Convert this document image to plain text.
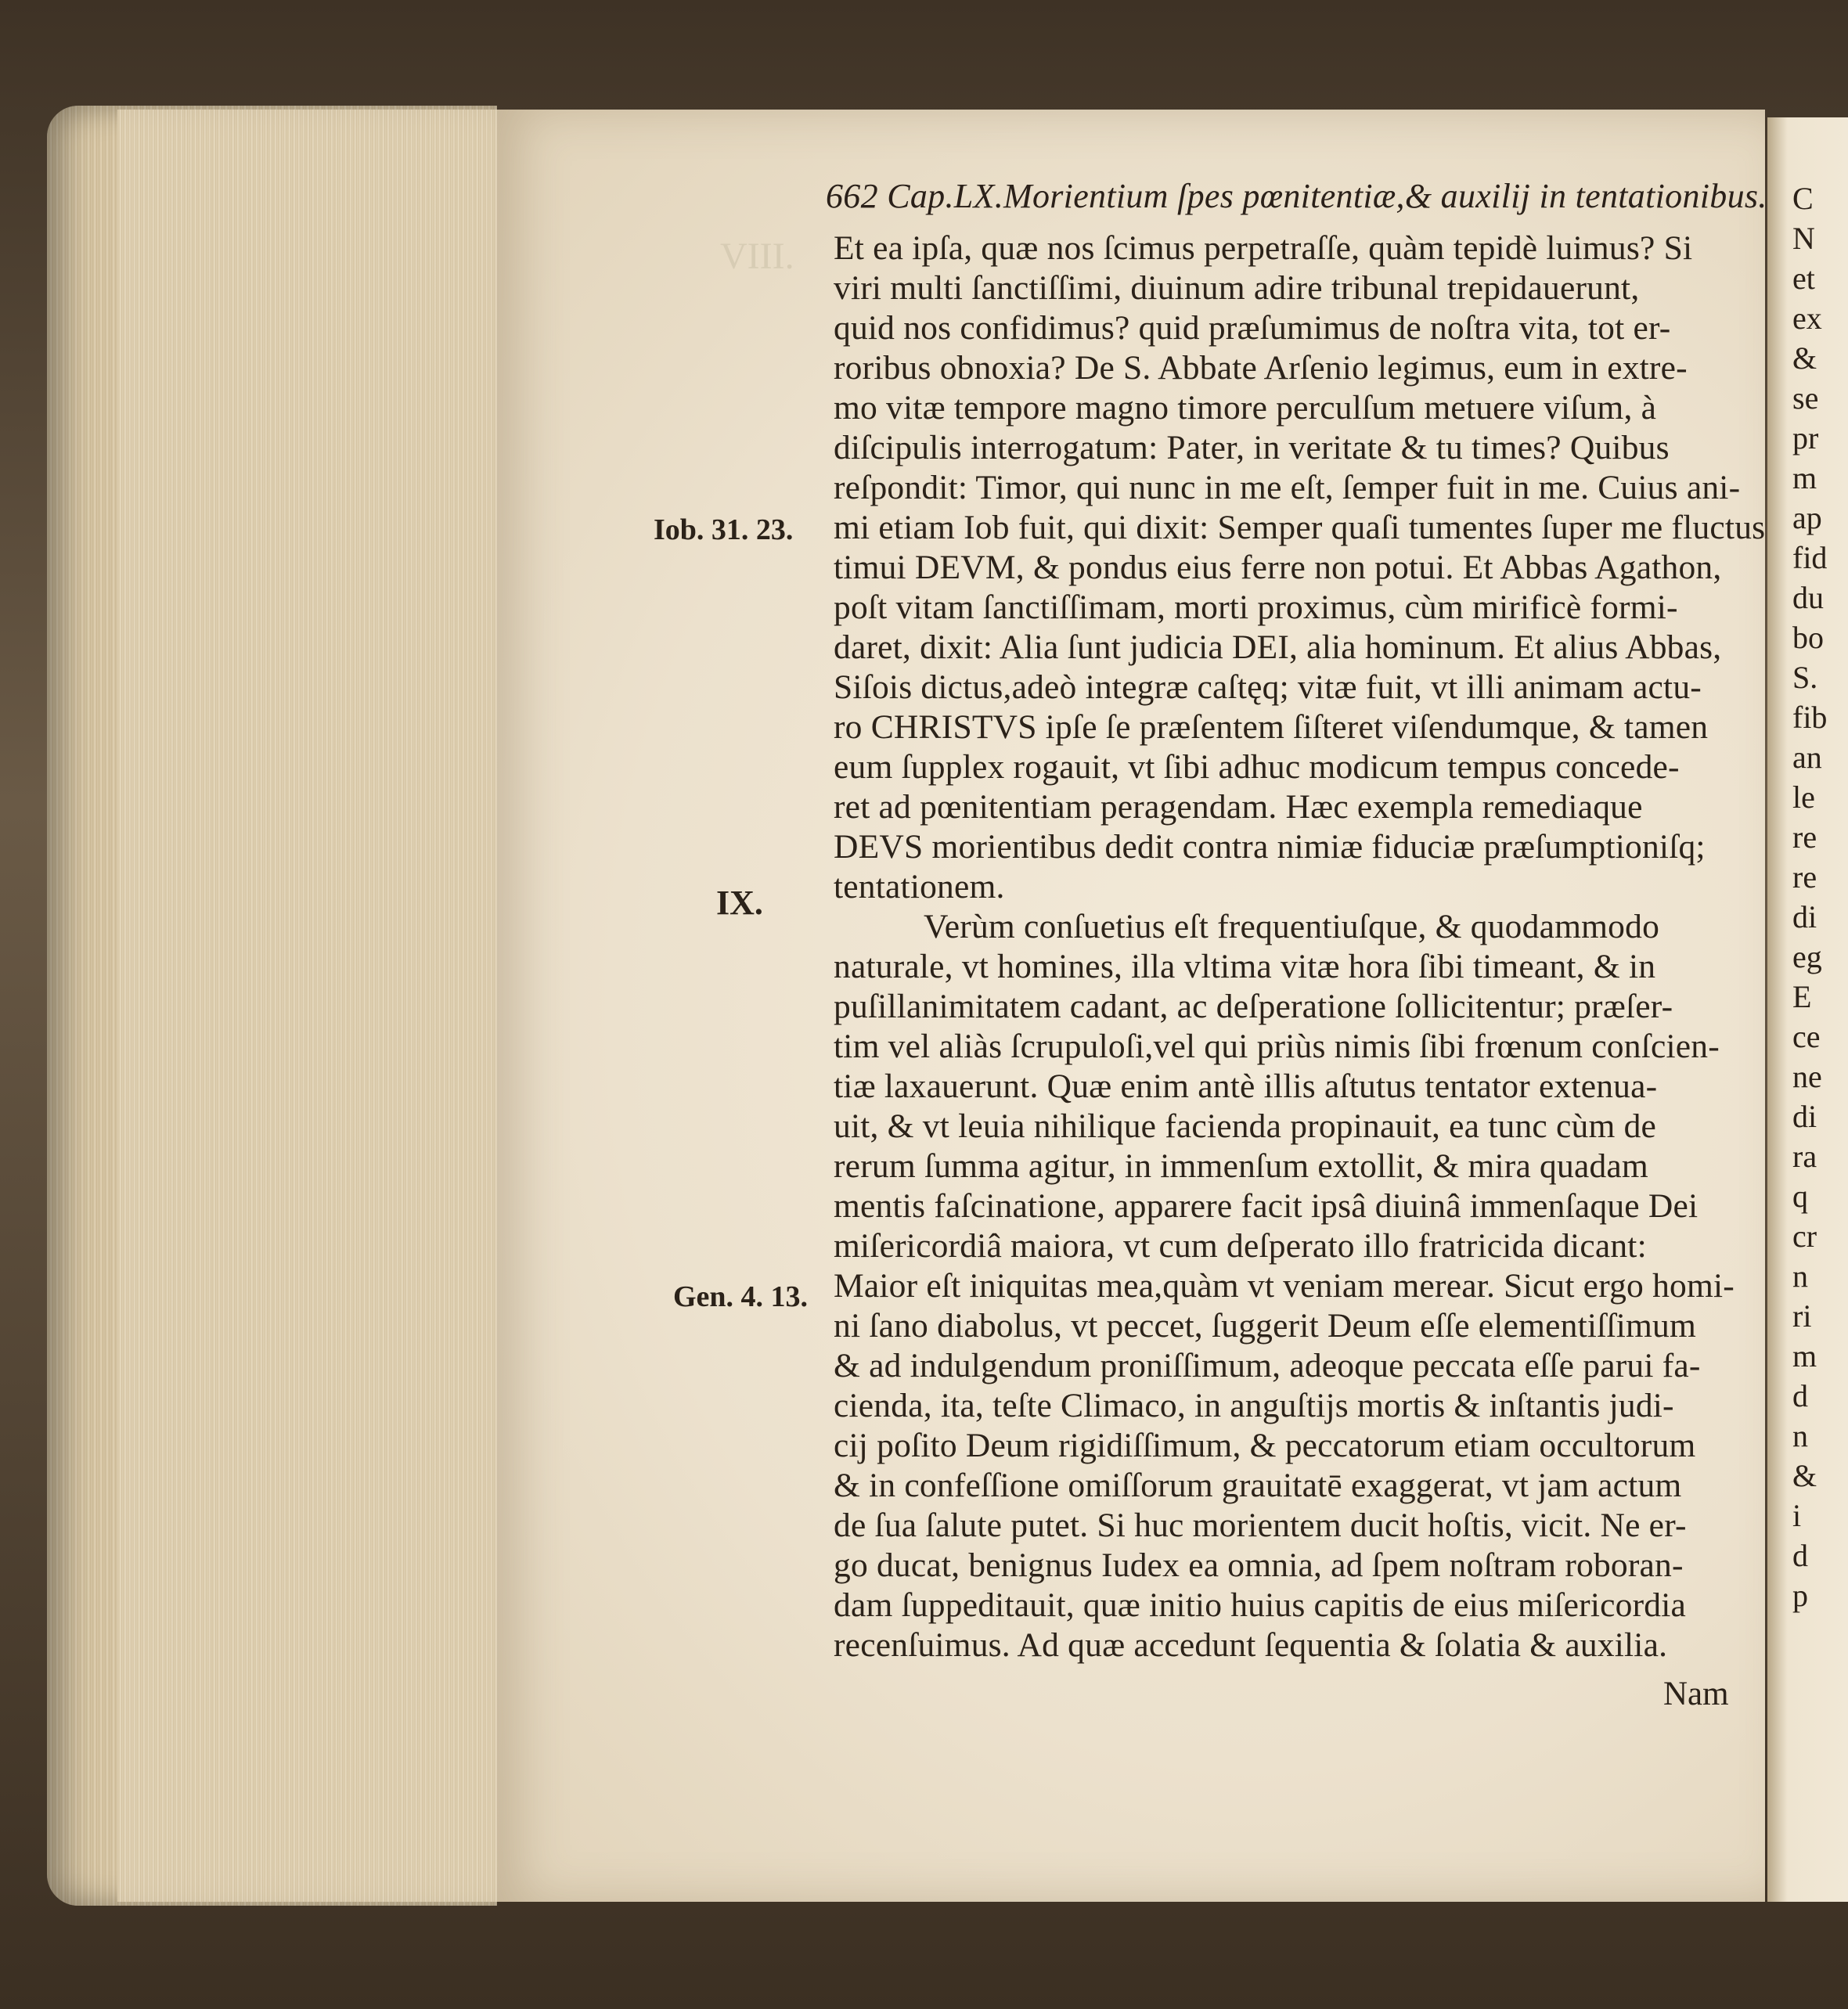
VIII.
662 Cap.LX.Morientium ſpes pœnitentiæ,& auxilij in tentationibus.
Et ea ipſa, quæ nos ſcimus perpetraſſe, quàm tepidè luimus? Si
viri multi ſanctiſſimi, diuinum adire tribunal trepidauerunt,
quid nos confidimus? quid præſumimus de noſtra vita, tot er-
roribus obnoxia? De S. Abbate Arſenio legimus, eum in extre-
mo vitæ tempore magno timore perculſum metuere viſum, à
diſcipulis interrogatum: Pater, in veritate & tu times? Quibus
reſpondit: Timor, qui nunc in me eſt, ſemper fuit in me. Cuius ani-
mi etiam Iob fuit, qui dixit: Semper quaſi tumentes ſuper me fluctus
timui DEVM, & pondus eius ferre non potui. Et Abbas Agathon,
poſt vitam ſanctiſſimam, morti proximus, cùm mirificè formi-
daret, dixit: Alia ſunt judicia DEI, alia hominum. Et alius Abbas,
Siſois dictus,adeò integræ caſtęq; vitæ fuit, vt illi animam actu-
ro CHRISTVS ipſe ſe præſentem ſiſteret viſendumque, & tamen
eum ſupplex rogauit, vt ſibi adhuc modicum tempus concede-
ret ad pœnitentiam peragendam. Hæc exempla remediaque
DEVS morientibus dedit contra nimiæ fiduciæ præſumptioniſq;
tentationem.
Verùm conſuetius eſt frequentiuſque, & quodammodo
naturale, vt homines, illa vltima vitæ hora ſibi timeant, & in
puſillanimitatem cadant, ac deſperatione ſollicitentur; præſer-
tim vel aliàs ſcrupuloſi,vel qui priùs nimis ſibi frœnum conſcien-
tiæ laxauerunt. Quæ enim antè illis aſtutus tentator extenua-
uit, & vt leuia nihilique facienda propinauit, ea tunc cùm de
rerum ſumma agitur, in immenſum extollit, & mira quadam
mentis faſcinatione, apparere facit ipsâ diuinâ immenſaque Dei
miſericordiâ maiora, vt cum deſperato illo fratricida dicant:
Maior eſt iniquitas mea,quàm vt veniam merear. Sicut ergo homi-
ni ſano diabolus, vt peccet, ſuggerit Deum eſſe elementiſſimum
& ad indulgendum proniſſimum, adeoque peccata eſſe parui fa-
cienda, ita, teſte Climaco, in anguſtijs mortis & inſtantis judi-
cij poſito Deum rigidiſſimum, & peccatorum etiam occultorum
& in confeſſione omiſſorum grauitatē exaggerat, vt jam actum
de ſua ſalute putet. Si huc morientem ducit hoſtis, vicit. Ne er-
go ducat, benignus Iudex ea omnia, ad ſpem noſtram roboran-
dam ſuppeditauit, quæ initio huius capitis de eius miſericordia
recenſuimus. Ad quæ accedunt ſequentia & ſolatia & auxilia.
Iob. 31. 23.
IX.
Gen. 4. 13.
Nam
C
N
et
ex
&
se
pr
m
ap
fid
du
bo
S.
fib
an
le
re
re
di
eg
E
ce
ne
di
ra
q
cr
n
ri
m
d
n
&
i
d
p
